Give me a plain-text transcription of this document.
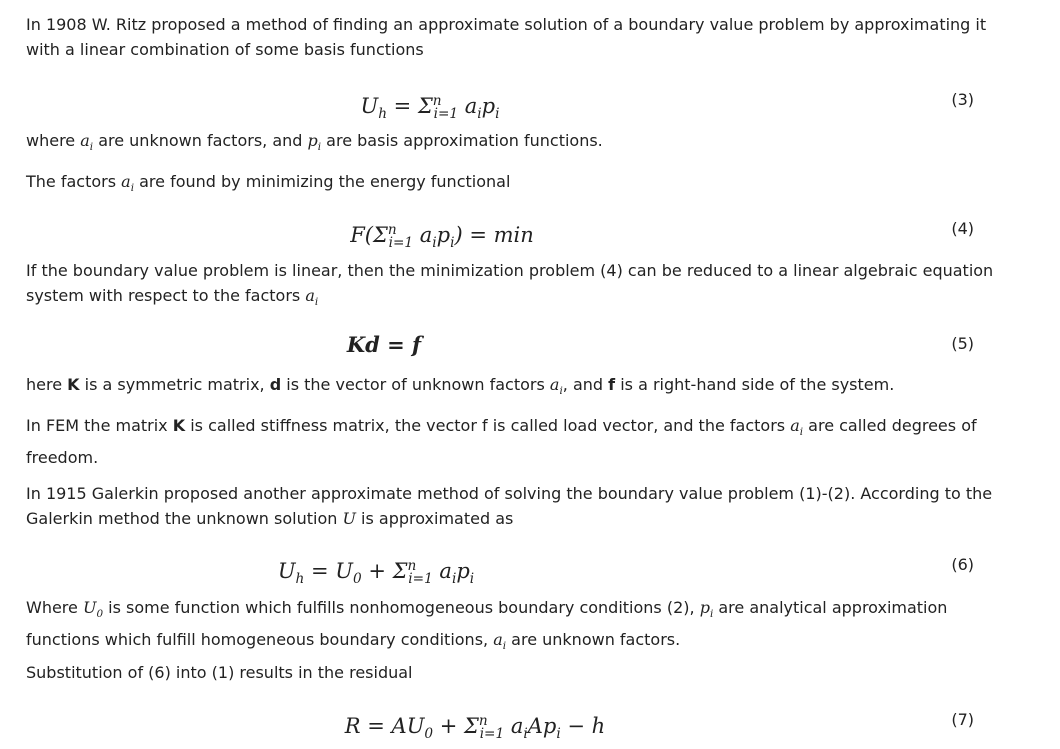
In 1908 W. Ritz proposed a method of finding an approximate solution of a boundary value problem by approximating it
with a linear combination of some basis functions

$U_h = \Sigma^n_{i=1}$ $a_ip_i$
(3)

where $a_i$ are unknown factors, and $p_i$ are basis approximation functions.

The factors $a_i$ are found by minimizing the energy functional

$F(\Sigma^n_{i=1}$ $a_ip_i) = \min$	(4)

If the boundary value problem is linear, then the minimization problem (4) can be reduced to a linear algebraic equation
system with respect to the factors $a_i$

Kd = f	(5)

here K is a symmetric matrix, d is the vector of unknown factors $a_i$, and f is a right-hand side of the system.

In FEM the matrix K is called stiffness matrix, the vector f is called load vector, and the factors $a_i$ are called degrees of
freedom.

In 1915 Galerkin proposed another approximate method of solving the boundary value problem (1)-(2). According to the
Galerkin method the unknown solution U is approximated as

$U_h = U_0 + \Sigma^n_{i=1}$ $a_ip_i$
(6)

Where $U_0$ is some function which fulfills nonhomogeneous boundary conditions (2), $p_i$ are analytical approximation
functions which fulfill homogeneous boundary conditions, $a_i$ are unknown factors.

Substitution of (6) into (1) results in the residual

$R = AU_0 + \Sigma^n_{i=1}$ $a_iAp_i - h$	(7)
